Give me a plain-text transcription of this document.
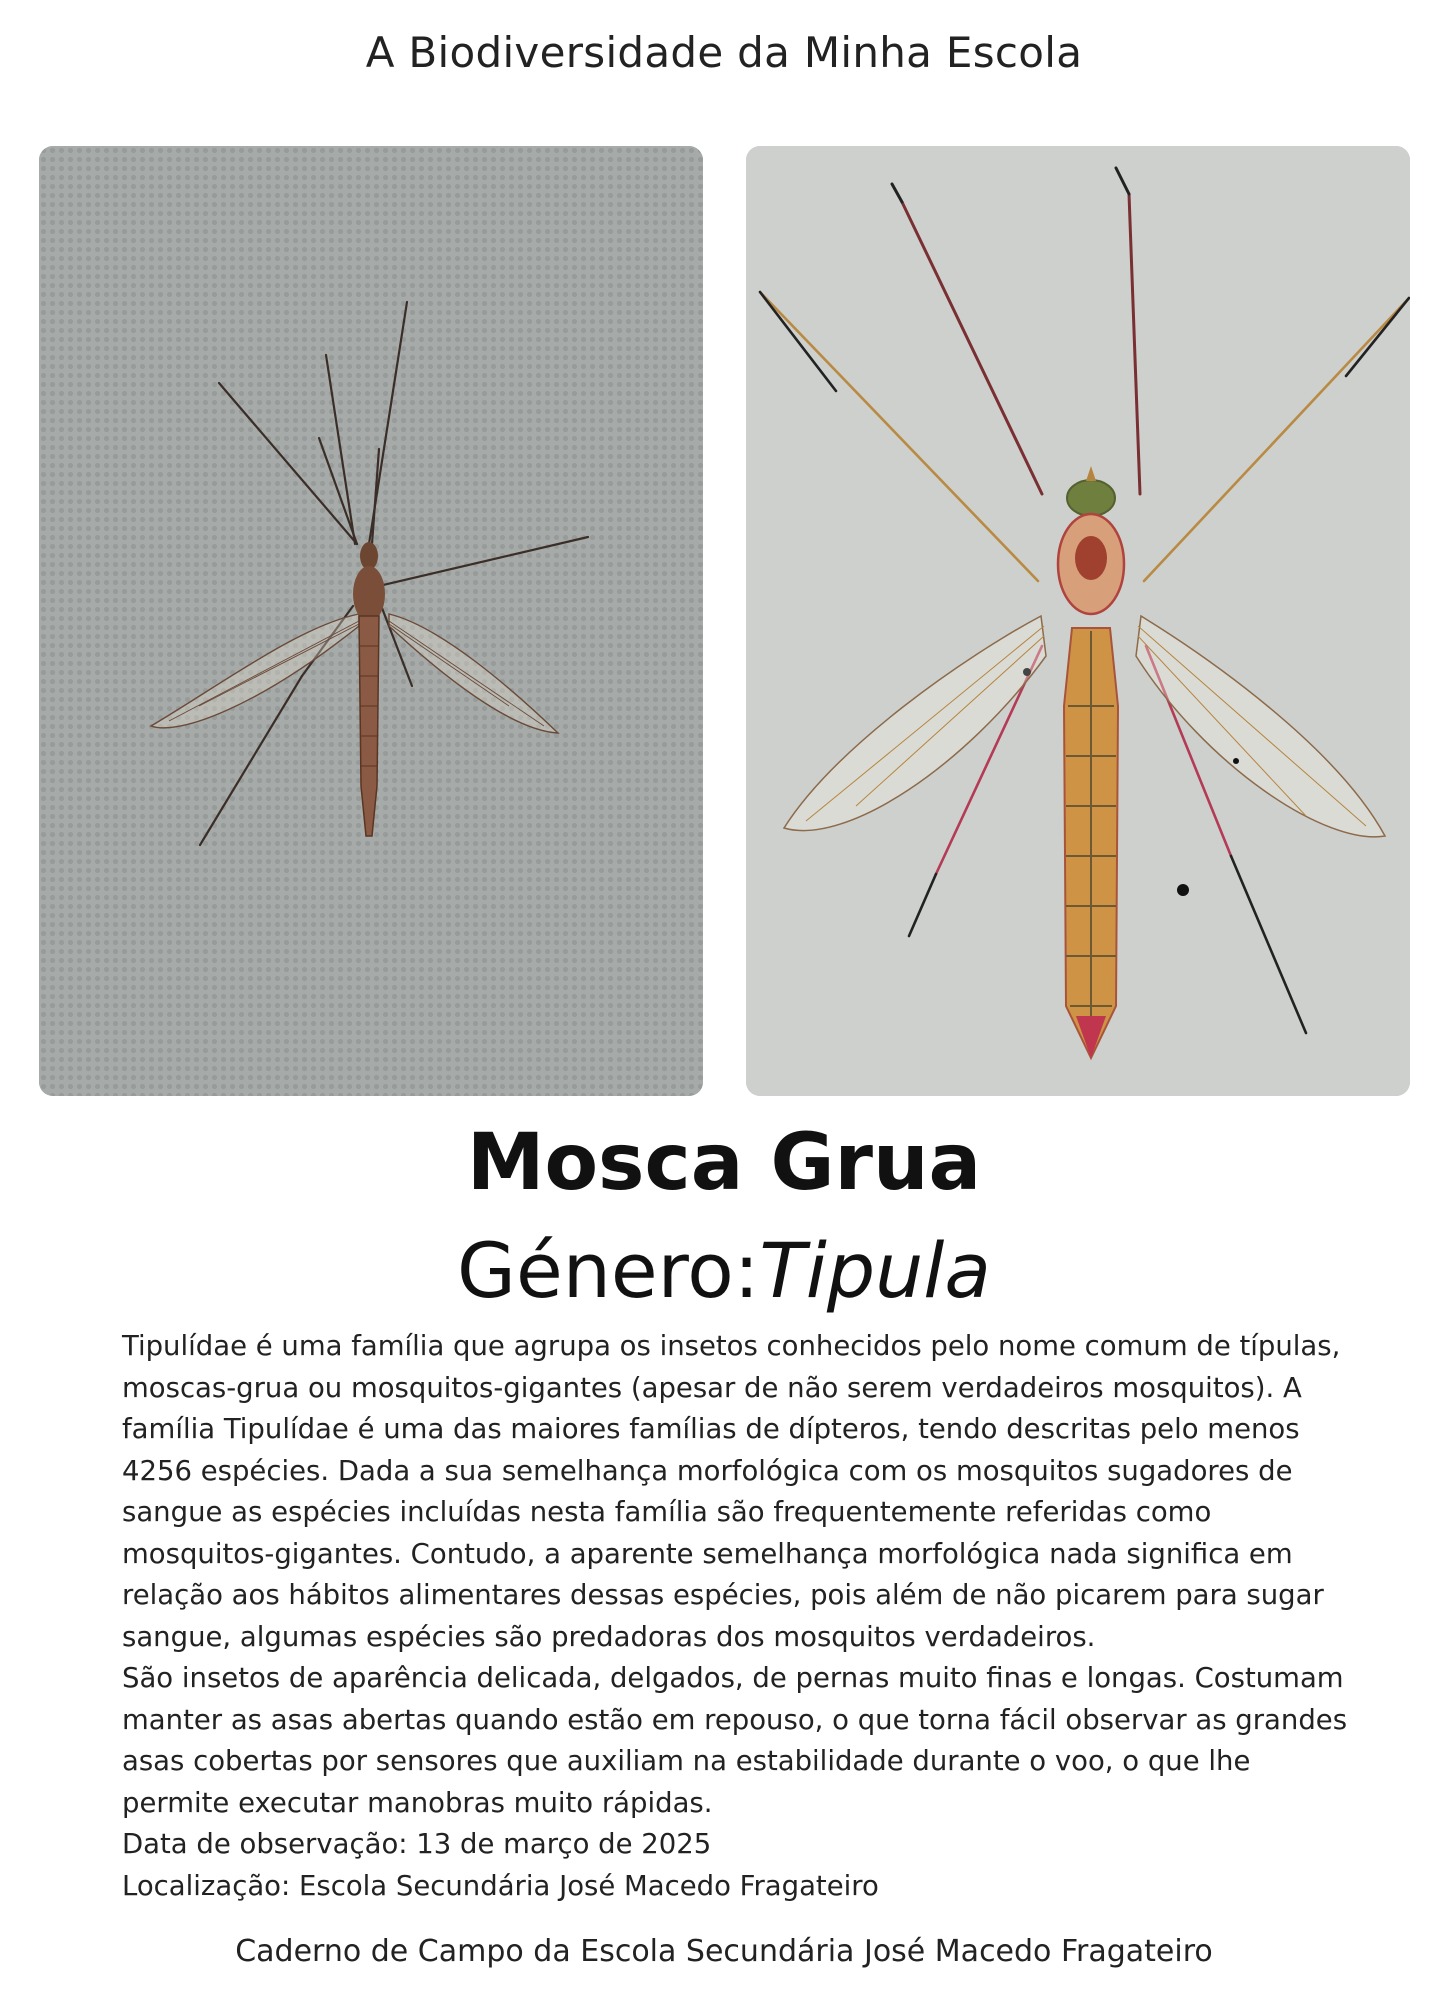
A Biodiversidade da Minha Escola
Mosca Grua
Género:Tipula

Tipulídae é uma família que agrupa os insetos conhecidos pelo nome comum de típulas, moscas-grua ou mosquitos-gigantes (apesar de não serem verdadeiros mosquitos). A família Tipulídae é uma das maiores famílias de dípteros, tendo descritas pelo menos 4256 espécies. Dada a sua semelhança morfológica com os mosquitos sugadores de sangue as espécies incluídas nesta família são frequentemente referidas como mosquitos-gigantes. Contudo, a aparente semelhança morfológica nada significa em relação aos hábitos alimentares dessas espécies, pois além de não picarem para sugar sangue, algumas espécies são predadoras dos mosquitos verdadeiros.

São insetos de aparência delicada, delgados, de pernas muito finas e longas. Costumam manter as asas abertas quando estão em repouso, o que torna fácil observar as grandes asas cobertas por sensores que auxiliam na estabilidade durante o voo, o que lhe permite executar manobras muito rápidas.

Data de observação: 13 de março de 2025

Localização: Escola Secundária José Macedo Fragateiro

Caderno de Campo da Escola Secundária José Macedo Fragateiro
